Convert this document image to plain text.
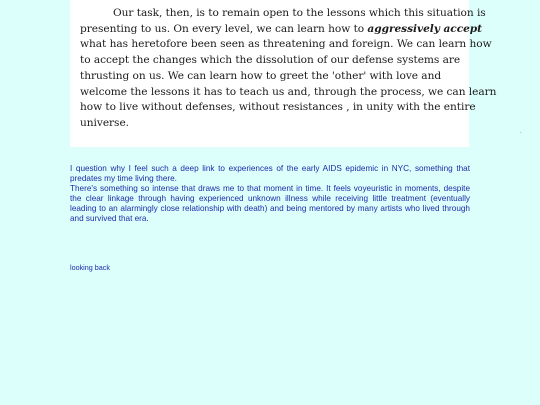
Our task, then, is to remain open to the lessons which this situation is
presenting to us. On every level, we can learn how to aggressively accept
what has heretofore been seen as threatening and foreign. We can learn how
to accept the changes which the dissolution of our defense systems are
thrusting on us. We can learn how to greet the 'other' with love and
welcome the lessons it has to teach us and, through the process, we can learn
how to live without defenses, without resistances , in unity with the entire
universe.
.

I question why I feel such a deep link to experiences of the early AIDS epidemic in NYC, something that predates my time living there.

There's something so intense that draws me to that moment in time. It feels voyeuristic in moments, despite the clear linkage through having experienced unknown illness while receiving little treatment (eventually leading to an alarmingly close relationship with death) and being mentored by many artists who lived through and survived that era.

looking back
